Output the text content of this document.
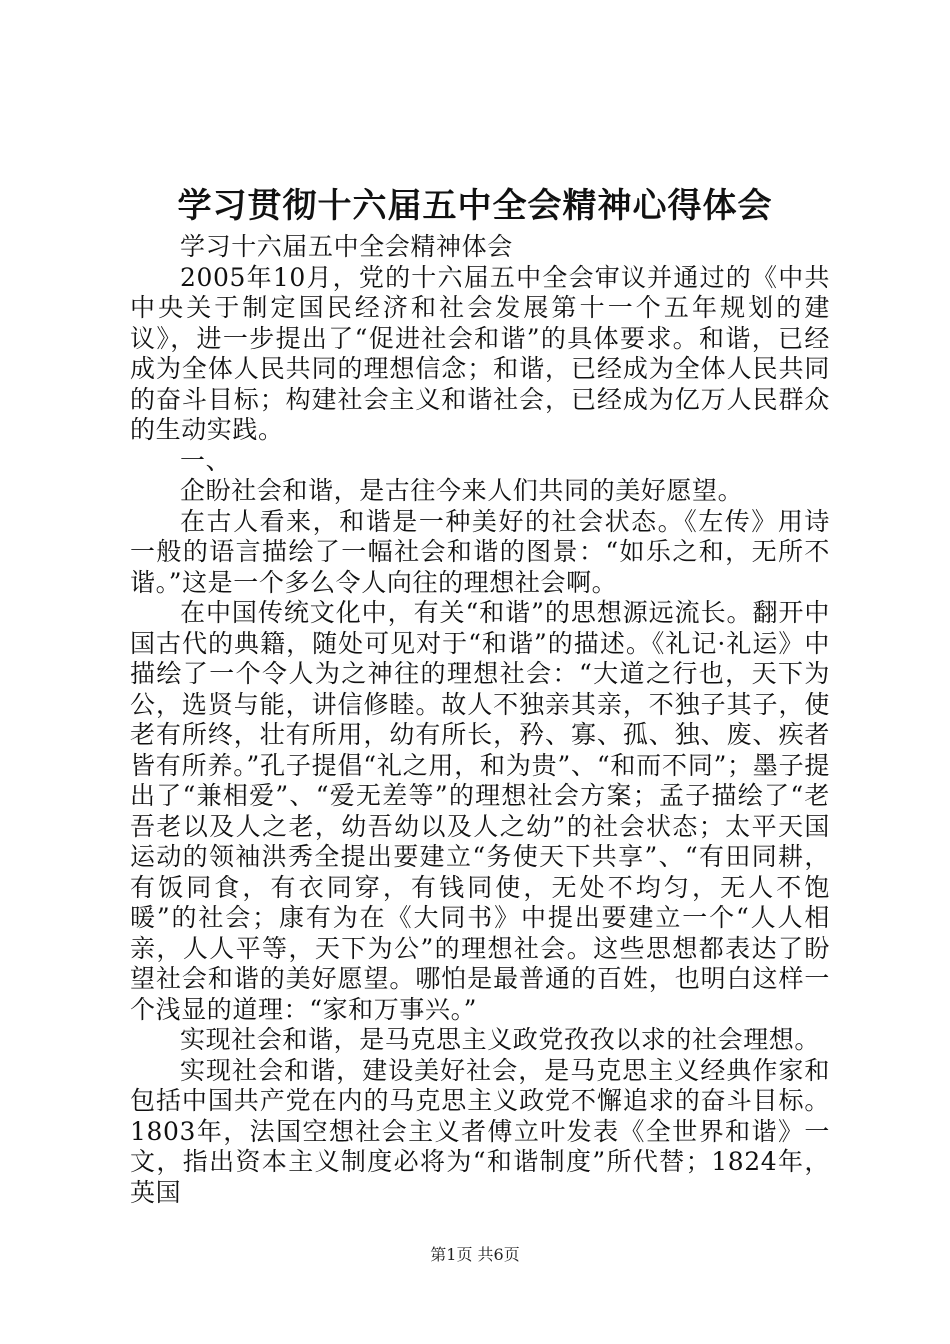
学习贯彻十六届五中全会精神心得体会

学习十六届五中全会精神体会

2005年10月，党的十六届五中全会审议并通过的《中共中央关于制定国民经济和社会发展第十一个五年规划的建议》，进一步提出了“促进社会和谐”的具体要求。和谐，已经成为全体人民共同的理想信念；和谐，已经成为全体人民共同的奋斗目标；构建社会主义和谐社会，已经成为亿万人民群众的生动实践。

一、

企盼社会和谐，是古往今来人们共同的美好愿望。

在古人看来，和谐是一种美好的社会状态。《左传》用诗一般的语言描绘了一幅社会和谐的图景：“如乐之和，无所不谐。”这是一个多么令人向往的理想社会啊。

在中国传统文化中，有关“和谐”的思想源远流长。翻开中国古代的典籍，随处可见对于“和谐”的描述。《礼记·礼运》中描绘了一个令人为之神往的理想社会：“大道之行也，天下为公，选贤与能，讲信修睦。故人不独亲其亲，不独子其子，使老有所终，壮有所用，幼有所长，矜、寡、孤、独、废、疾者皆有所养。”孔子提倡“礼之用，和为贵”、“和而不同”；墨子提出了“兼相爱”、“爱无差等”的理想社会方案；孟子描绘了“老吾老以及人之老，幼吾幼以及人之幼”的社会状态；太平天国运动的领袖洪秀全提出要建立“务使天下共享”、“有田同耕，有饭同食，有衣同穿，有钱同使，无处不均匀，无人不饱暖”的社会；康有为在《大同书》中提出要建立一个“人人相亲，人人平等，天下为公”的理想社会。这些思想都表达了盼望社会和谐的美好愿望。哪怕是最普通的百姓，也明白这样一个浅显的道理：“家和万事兴。”

实现社会和谐，是马克思主义政党孜孜以求的社会理想。

实现社会和谐，建设美好社会，是马克思主义经典作家和包括中国共产党在内的马克思主义政党不懈追求的奋斗目标。1803年，法国空想社会主义者傅立叶发表《全世界和谐》一文，指出资本主义制度必将为“和谐制度”所代替；1824年，英国

第1页 共6页
